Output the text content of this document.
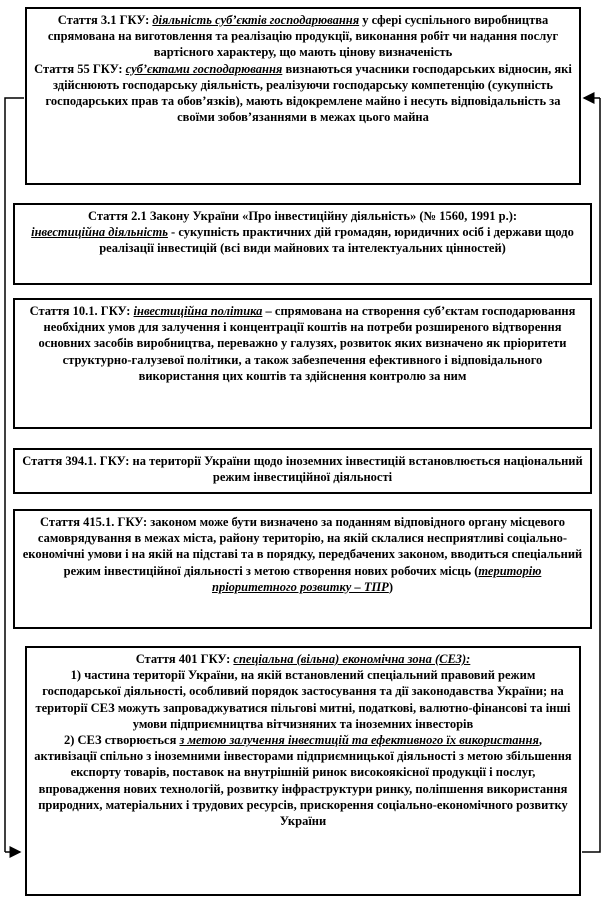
Стаття 3.1 ГКУ: діяльність суб’єктів господарювання у сфері суспільного виробництва спрямована на виготовлення та реалізацію продукції, виконання робіт чи надання послуг вартісного характеру, що мають цінову визначеність

Стаття 55 ГКУ: суб’єктами господарювання визнаються учасники господарських відносин, які здійснюють господарську діяльність, реалізуючи господарську компетенцію (сукупність господарських прав та обов’язків), мають відокремлене майно і несуть відповідальність за своїми зобов’язаннями в межах цього майна

Стаття 2.1 Закону України «Про інвестиційну діяльність» (№ 1560, 1991 р.):

інвестиційна діяльність - сукупність практичних дій громадян, юридичних осіб і держави щодо реалізації інвестицій (всі види майнових та інтелектуальних цінностей)

Стаття 10.1. ГКУ: інвестиційна політика – спрямована на створення суб’єктам господарювання необхідних умов для залучення і концентрації коштів на потреби розширеного відтворення основних засобів виробництва, переважно у галузях, розвиток яких визначено як пріоритети структурно-галузевої політики, а також забезпечення ефективного і відповідального використання цих коштів та здійснення контролю за ним

Стаття 394.1. ГКУ: на території України щодо іноземних інвестицій встановлюється національний режим інвестиційної діяльності

Стаття 415.1. ГКУ: законом може бути визначено за поданням відповідного органу місцевого самоврядування в межах міста, району територію, на якій склалися несприятливі соціально-економічні умови і на якій на підставі та в порядку, передбачених законом, вводиться спеціальний режим інвестиційної діяльності з метою створення нових робочих місць (територію пріоритетного розвитку – ТПР)

Стаття 401 ГКУ: спеціальна (вільна) економічна зона (СЕЗ):

1) частина території України, на якій встановлений спеціальний правовий режим господарської діяльності, особливий порядок застосування та дії законодавства України; на території СЕЗ можуть запроваджуватися пільгові митні, податкові, валютно-фінансові та інші умови підприємництва вітчизняних та іноземних інвесторів

2) СЕЗ створюється з метою залучення інвестицій та ефективного їх використання, активізації спільно з іноземними інвесторами підприємницької діяльності з метою збільшення експорту товарів, поставок на внутрішній ринок високоякісної продукції і послуг, впровадження нових технологій, розвитку інфраструктури ринку, поліпшення використання природних, матеріальних і трудових ресурсів, прискорення соціально-економічного розвитку України
